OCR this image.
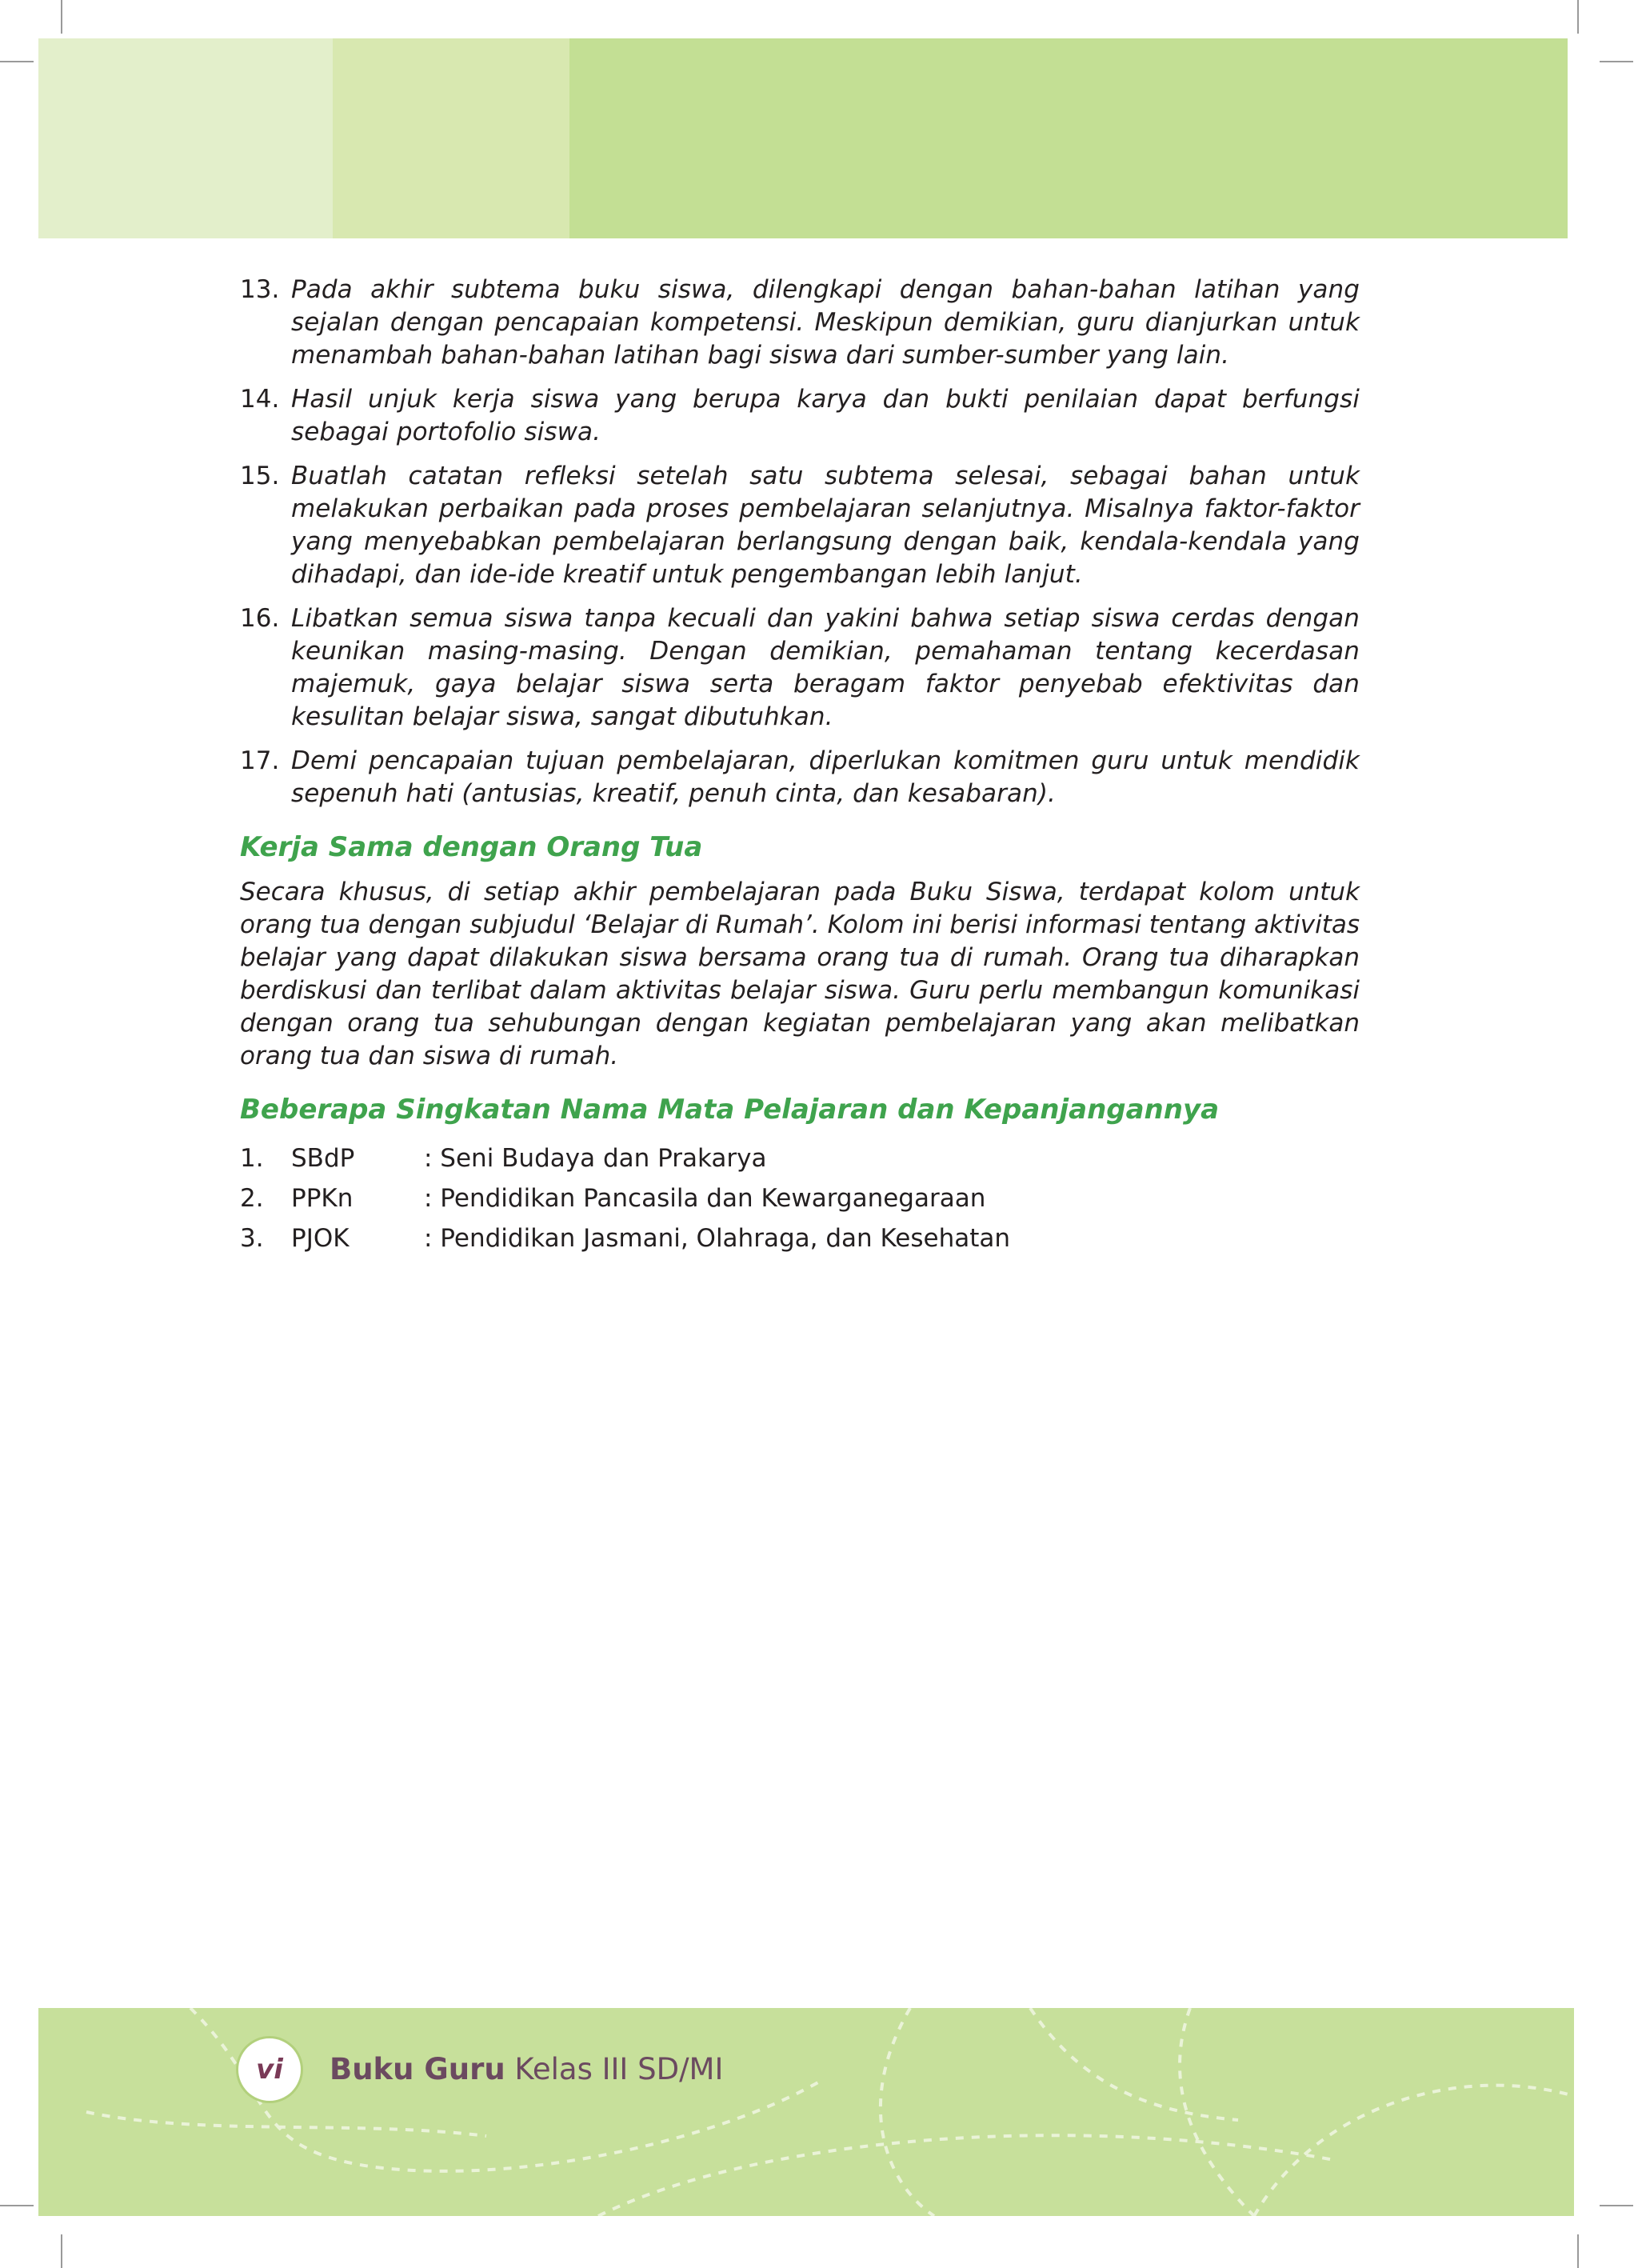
13. Pada akhir subtema buku siswa, dilengkapi dengan bahan-bahan latihan yang sejalan dengan pencapaian kompetensi. Meskipun demikian, guru dianjurkan untuk menambah bahan-bahan latihan bagi siswa dari sumber-sumber yang lain.
14. Hasil unjuk kerja siswa yang berupa karya dan bukti penilaian dapat berfungsi sebagai portofolio siswa.
15. Buatlah catatan refleksi setelah satu subtema selesai, sebagai bahan untuk melakukan perbaikan pada proses pembelajaran selanjutnya. Misalnya faktor-faktor yang menyebabkan pembelajaran berlangsung dengan baik, kendala-kendala yang dihadapi, dan ide-ide kreatif untuk pengembangan lebih lanjut.
16. Libatkan semua siswa tanpa kecuali dan yakini bahwa setiap siswa cerdas dengan keunikan masing-masing. Dengan demikian, pemahaman tentang kecerdasan majemuk, gaya belajar siswa serta beragam faktor penyebab efektivitas dan kesulitan belajar siswa, sangat dibutuhkan.
17. Demi pencapaian tujuan pembelajaran, diperlukan komitmen guru untuk mendidik sepenuh hati (antusias, kreatif, penuh cinta, dan kesabaran).
Kerja Sama dengan Orang Tua

Secara khusus, di setiap akhir pembelajaran pada Buku Siswa, terdapat kolom untuk orang tua dengan subjudul ‘Belajar di Rumah’. Kolom ini berisi informasi tentang aktivitas belajar yang dapat dilakukan siswa bersama orang tua di rumah. Orang tua diharapkan berdiskusi dan terlibat dalam aktivitas belajar siswa. Guru perlu membangun komunikasi dengan orang tua sehubungan dengan kegiatan pembelajaran yang akan melibatkan orang tua dan siswa di rumah.

Beberapa Singkatan Nama Mata Pelajaran dan Kepanjangannya
1.	SBdP	: Seni Budaya dan Prakarya
2.	PPKn	: Pendidikan Pancasila dan Kewarganegaraan
3.	PJOK	: Pendidikan Jasmani, Olahraga, dan Kesehatan
vi Buku Guru Kelas III SD/MI
